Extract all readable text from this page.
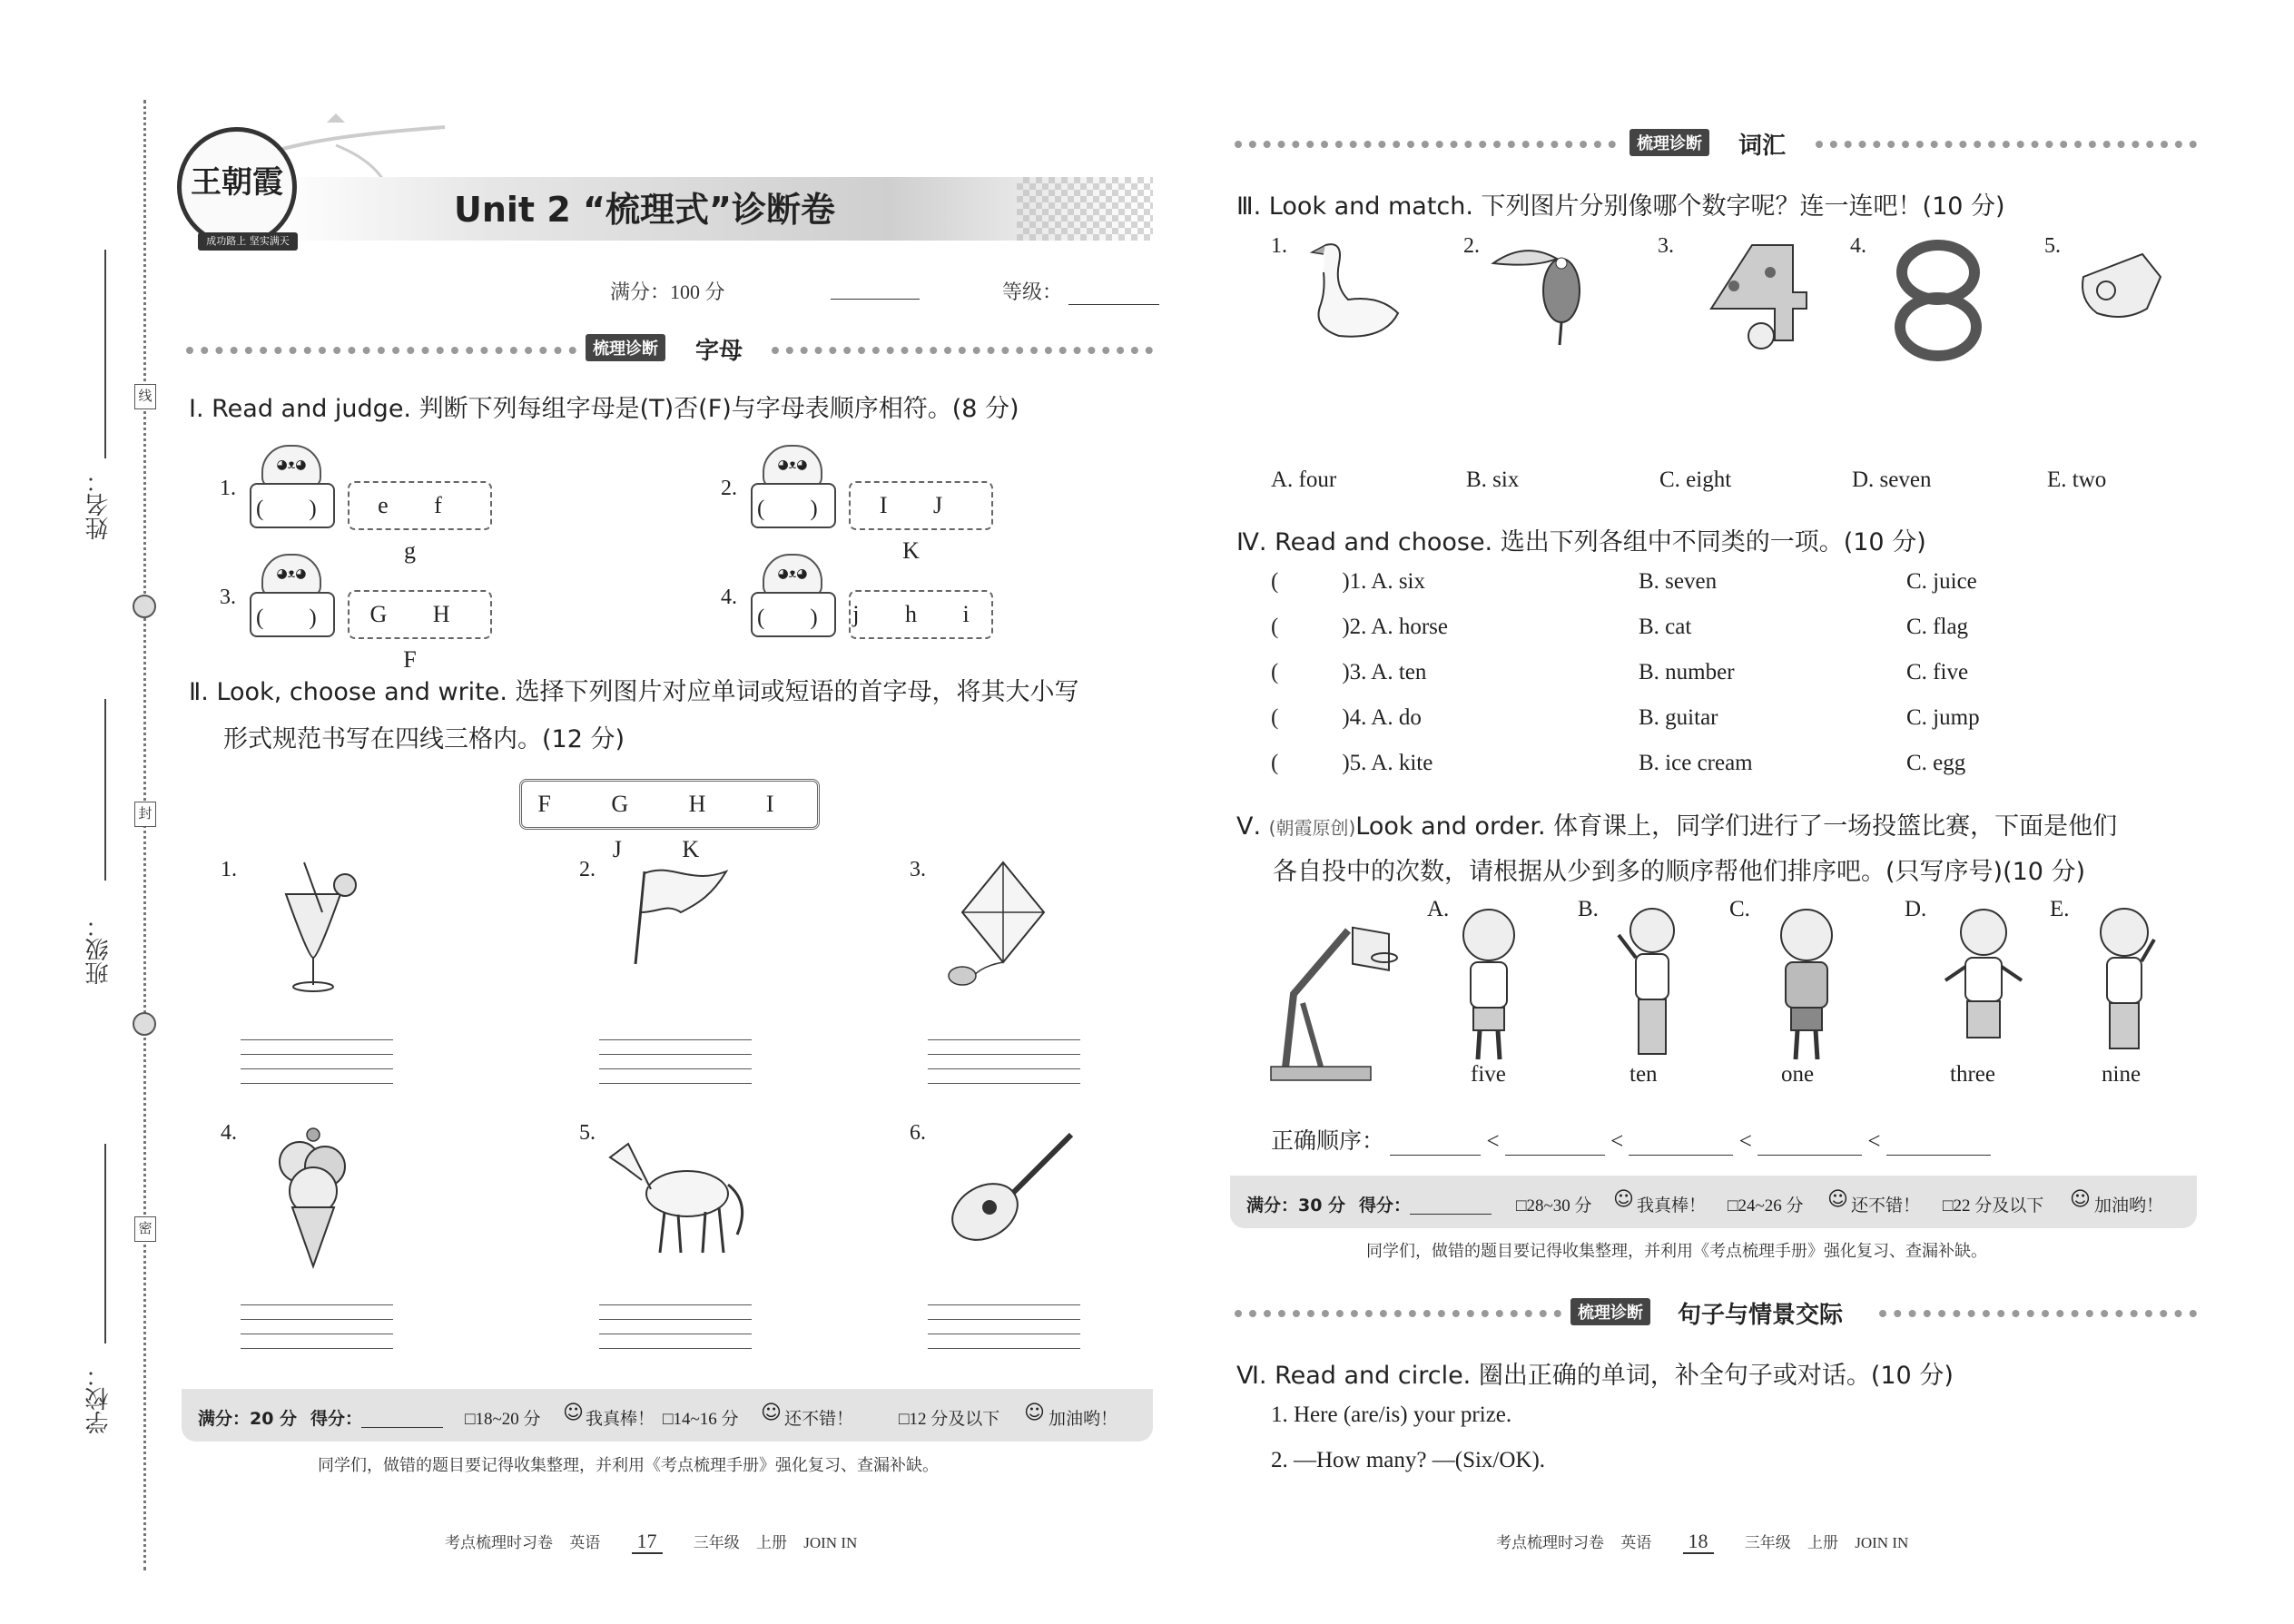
姓名：
班级：
学校：
线
封
密
王朝霞
成功路上 坚实满天
Unit 2 “梳理式”诊断卷
满分：100 分	等级：
梳理诊断	字母
Ⅰ. Read and judge. 判断下列每组字母是(T)否(F)与字母表顺序相符。(8 分)
◕ᴥ◕
1.
(　　)	e f g
◕ᴥ◕
2.
(　　)	I J K
◕ᴥ◕
3.
(　　)	G H F
◕ᴥ◕
4.
(　　) j h i
Ⅱ. Look, choose and write. 选择下列图片对应单词或短语的首字母，将其大小写
形式规范书写在四线三格内。(12 分)
F G H I J K
1.	2.	3.
4.	5.	6.
满分：20 分 得分：	□18~20 分 ☺ 我真棒！ □14~16 分 ☺ 还不错！	□12 分及以下 ☺ 加油哟！
同学们，做错的题目要记得收集整理，并利用《考点梳理手册》强化复习、查漏补缺。
考点梳理时习卷 英语 17 三年级 上册 JOIN IN
梳理诊断	词汇
Ⅲ. Look and match. 下列图片分别像哪个数字呢？连一连吧！(10 分)
1.	2.	3.	4.	5.
A. four	B. six	C. eight	D. seven	E. two
Ⅳ. Read and choose. 选出下列各组中不同类的一项。(10 分)
(	)1. A. six	B. seven	C. juice
(	)2. A. horse	B. cat	C. flag
(	)3. A. ten	B. number	C. five
(	)4. A. do	B. guitar	C. jump
(	)5. A. kite	B. ice cream	C. egg
Ⅴ. (朝霞原创)Look and order. 体育课上，同学们进行了一场投篮比赛，下面是他们
各自投中的次数，请根据从少到多的顺序帮他们排序吧。(只写序号)(10 分)
A.
five
B.
ten
C.
one
D.
three
E.
nine
正确顺序：	<	<	<	<
满分：30 分 得分：	□28~30 分 ☺ 我真棒！ □24~26 分 ☺ 还不错！ □22 分及以下 ☺ 加油哟！
同学们，做错的题目要记得收集整理，并利用《考点梳理手册》强化复习、查漏补缺。
梳理诊断	句子与情景交际
Ⅵ. Read and circle. 圈出正确的单词，补全句子或对话。(10 分)
1. Here (are/is) your prize.
2. —How many? —(Six/OK).
考点梳理时习卷 英语 18 三年级 上册 JOIN IN
